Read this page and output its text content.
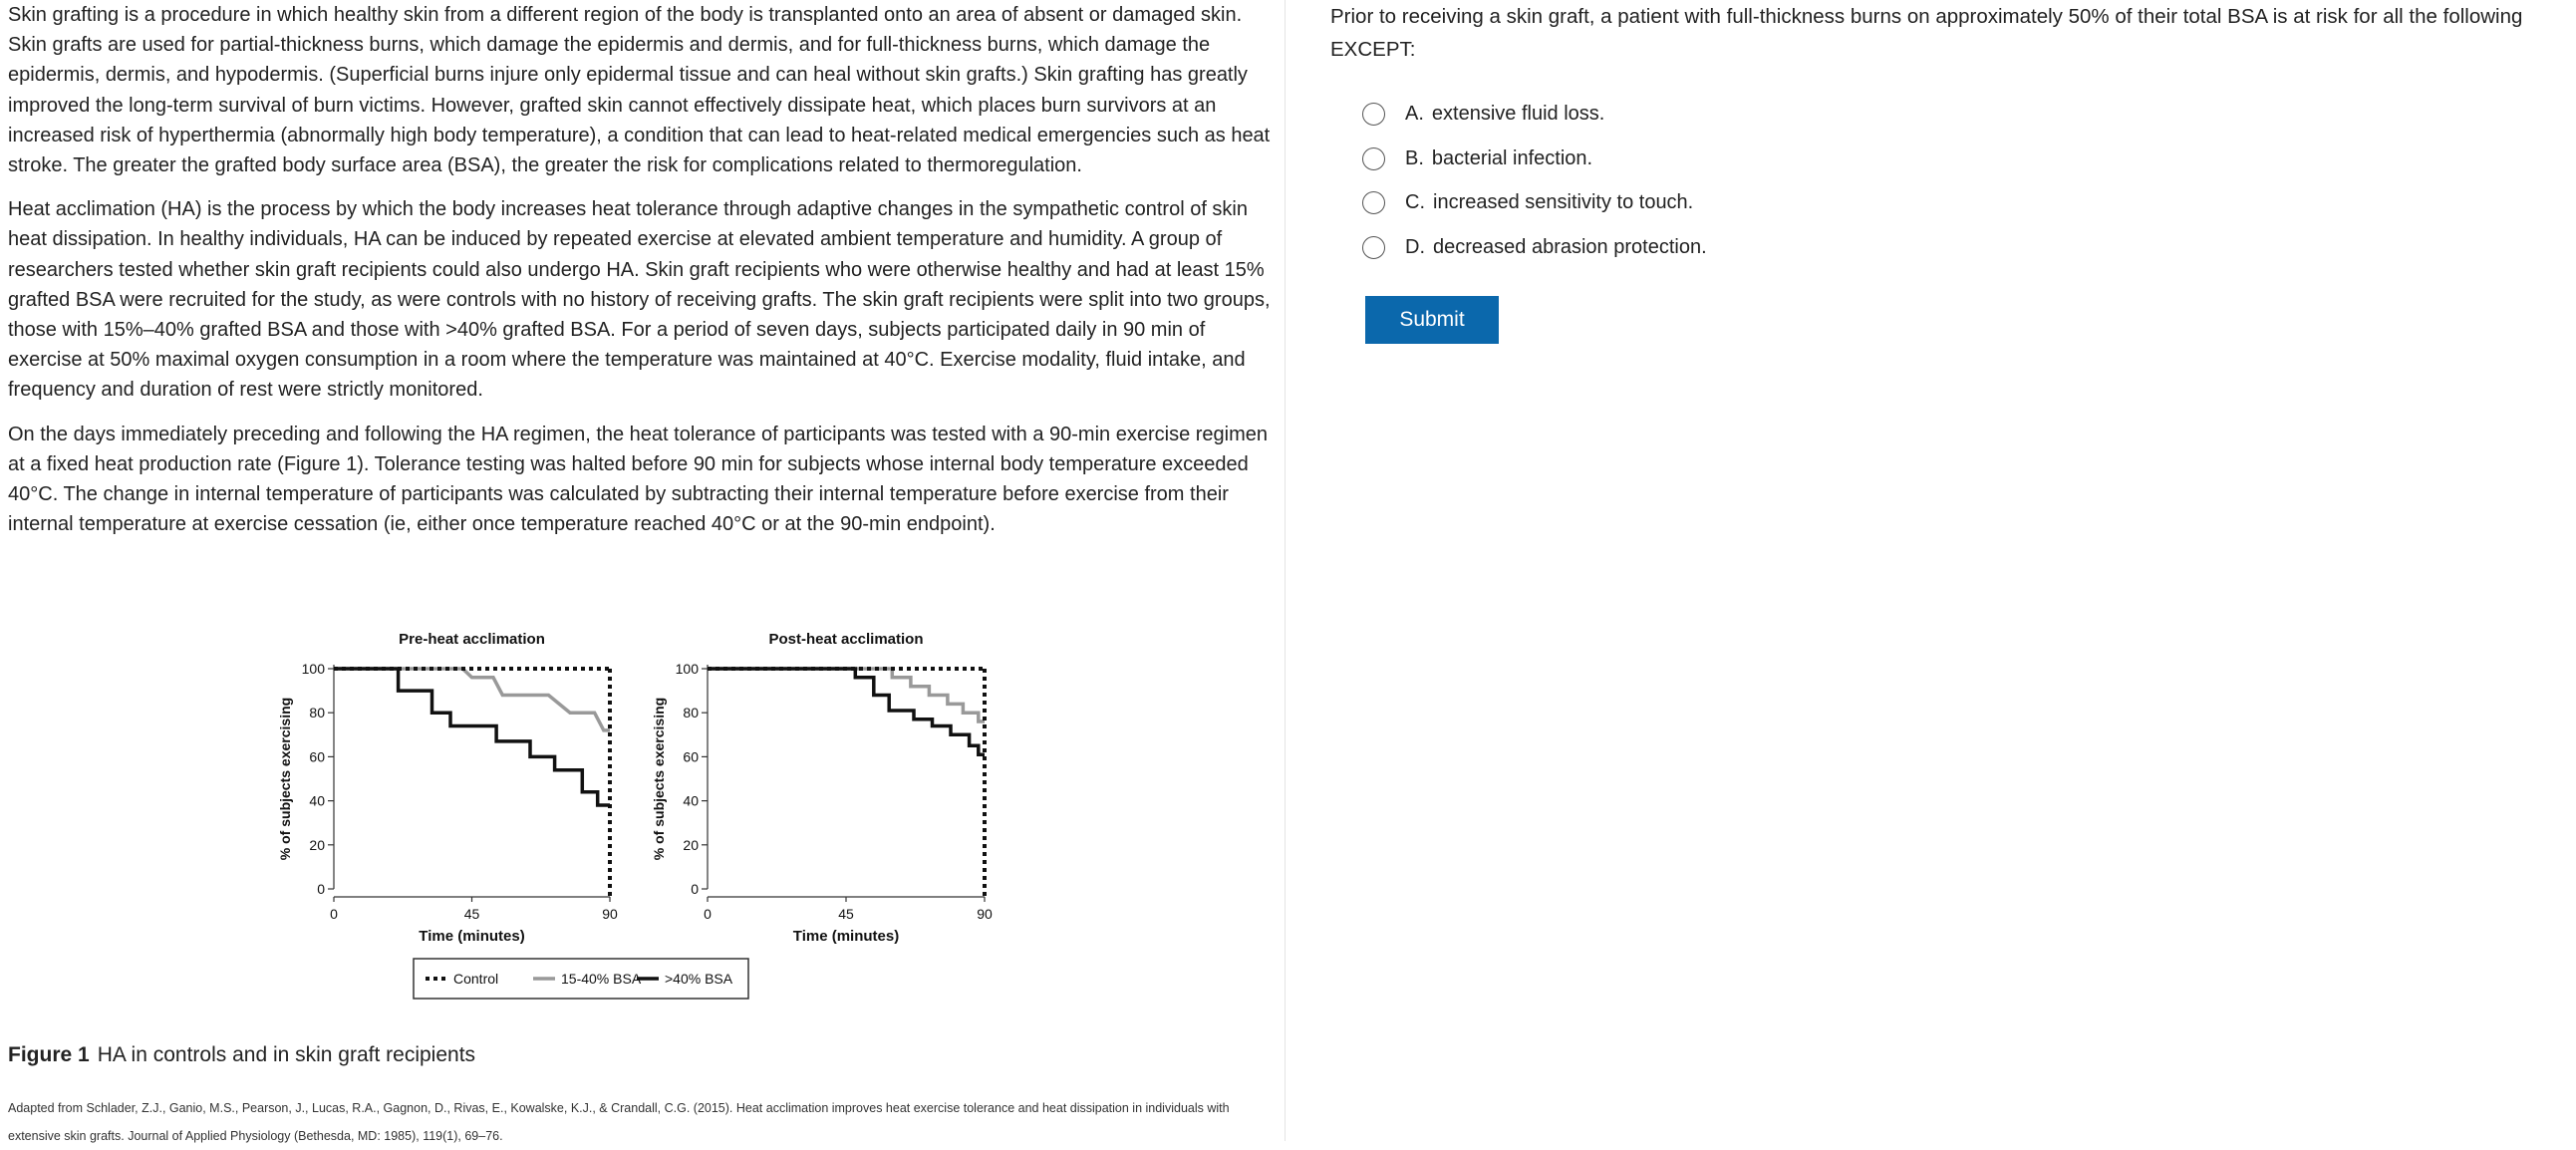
Skin grafting is a procedure in which healthy skin from a different region of the body is transplanted onto an area of absent or damaged skin. Skin grafts are used for partial-thickness burns, which damage the epidermis and dermis, and for full-thickness burns, which damage the epidermis, dermis, and hypodermis. (Superficial burns injure only epidermal tissue and can heal without skin grafts.) Skin grafting has greatly improved the long-term survival of burn victims. However, grafted skin cannot effectively dissipate heat, which places burn survivors at an increased risk of hyperthermia (abnormally high body temperature), a condition that can lead to heat-related medical emergencies such as heat stroke. The greater the grafted body surface area (BSA), the greater the risk for complications related to thermoregulation.

Heat acclimation (HA) is the process by which the body increases heat tolerance through adaptive changes in the sympathetic control of skin heat dissipation. In healthy individuals, HA can be induced by repeated exercise at elevated ambient temperature and humidity. A group of researchers tested whether skin graft recipients could also undergo HA. Skin graft recipients who were otherwise healthy and had at least 15% grafted BSA were recruited for the study, as were controls with no history of receiving grafts. The skin graft recipients were split into two groups, those with 15%–40% grafted BSA and those with >40% grafted BSA. For a period of seven days, subjects participated daily in 90 min of exercise at 50% maximal oxygen consumption in a room where the temperature was maintained at 40°C. Exercise modality, fluid intake, and frequency and duration of rest were strictly monitored.

On the days immediately preceding and following the HA regimen, the heat tolerance of participants was tested with a 90-min exercise regimen at a fixed heat production rate (Figure 1). Tolerance testing was halted before 90 min for subjects whose internal body temperature exceeded 40°C. The change in internal temperature of participants was calculated by subtracting their internal temperature before exercise from their internal temperature at exercise cessation (ie, either once temperature reached 40°C or at the 90-min endpoint).

Pre-heat acclimation
0
20
40
60
80
100
0	45	90
Time (minutes)
% of subjects exercising
Post-heat acclimation
0
20
40
60
80
100
0	45	90
Time (minutes)
% of subjects exercising
Control	15-40% BSA >40% BSA
Figure 1 HA in controls and in skin graft recipients
Adapted from Schlader, Z.J., Ganio, M.S., Pearson, J., Lucas, R.A., Gagnon, D., Rivas, E., Kowalske, K.J., & Crandall, C.G. (2015). Heat acclimation improves heat exercise tolerance and heat dissipation in individuals with extensive skin grafts. Journal of Applied Physiology (Bethesda, MD: 1985), 119(1), 69–76.
Prior to receiving a skin graft, a patient with full-thickness burns on approximately 50% of their total BSA is at risk for all the following EXCEPT:
A. extensive fluid loss.
B. bacterial infection.
C. increased sensitivity to touch.
D. decreased abrasion protection.
Submit
